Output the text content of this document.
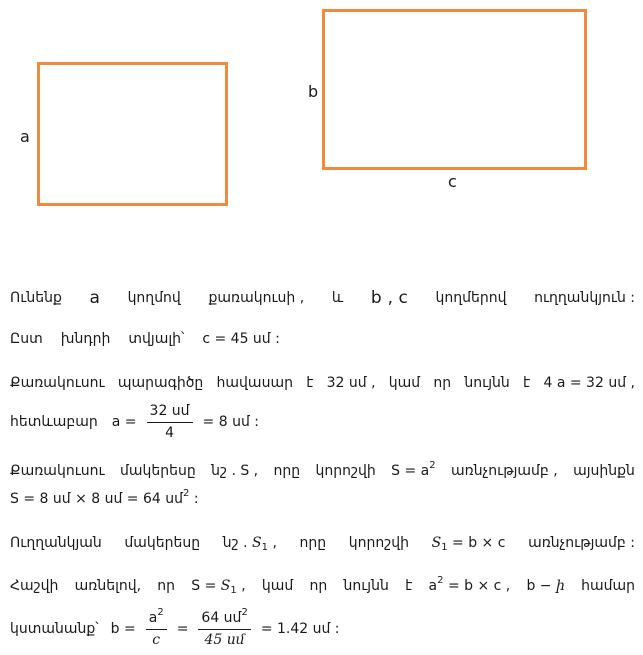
a
b
c
Ունենք a կողմով քառակուսի , և b , c կողմերով ուղղանկյուն :
Ըստ խնդրի տվյալի՝ c = 45 սմ :
Քառակուսու պարագիծը հավասար է 32 սմ , կամ որ նույնն է 4 a = 32 սմ ,
հետևաբար $a = \frac{\text{32 սմ}}{4} = 8$ սմ :
Քառակուսու մակերեսը նշ . S , որը կորոշվի $S = a^2$ առնչությամբ , այսինքն
S = 8 սմ × 8 սմ = 64 սմ$^2$ :
Ուղղանկյան մակերեսը նշ . $S_1$ , որը կորոշվի $S_1 = b \times c$ առնչությամբ :
Հաշվի առնելով, որ $S = S_1$ , կամ որ նույնն է $a^2 = b \times c$ , b − ի համար
կստանանք՝ $b = \frac{a^2}{c} = \frac{64 սմ^2}{\text{45 սմ}} = 1.42$ սմ :
